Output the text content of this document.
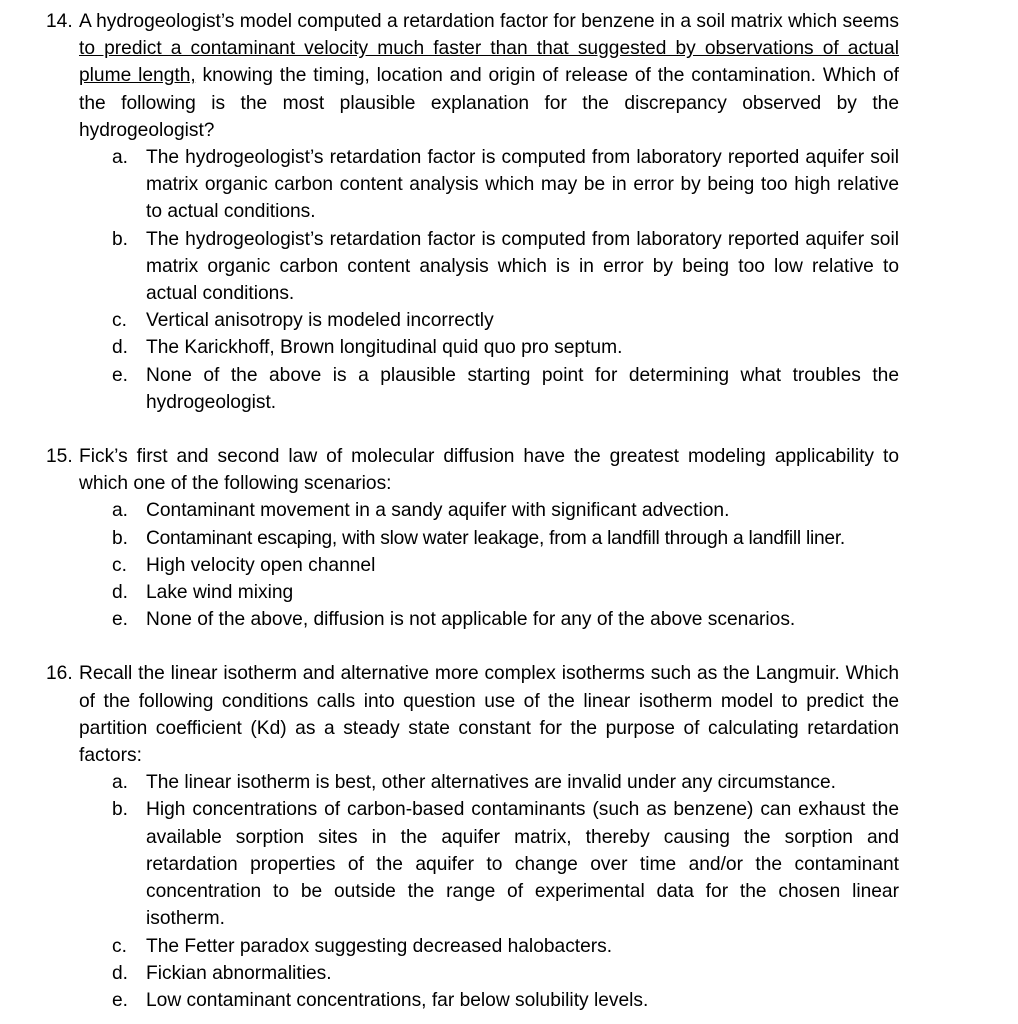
14. A hydrogeologist’s model computed a retardation factor for benzene in a soil matrix which seems to predict a contaminant velocity much faster than that suggested by observations of actual plume length, knowing the timing, location and origin of release of the contamination. Which of the following is the most plausible explanation for the discrepancy observed by the hydrogeologist?
a. The hydrogeologist’s retardation factor is computed from laboratory reported aquifer soil matrix organic carbon content analysis which may be in error by being too high relative to actual conditions.
b. The hydrogeologist’s retardation factor is computed from laboratory reported aquifer soil matrix organic carbon content analysis which is in error by being too low relative to actual conditions.
c. Vertical anisotropy is modeled incorrectly
d. The Karickhoff, Brown longitudinal quid quo pro septum.
e. None of the above is a plausible starting point for determining what troubles the hydrogeologist.
15. Fick’s first and second law of molecular diffusion have the greatest modeling applicability to which one of the following scenarios:
a. Contaminant movement in a sandy aquifer with significant advection.
b. Contaminant escaping, with slow water leakage, from a landfill through a landfill liner.
c. High velocity open channel
d. Lake wind mixing
e. None of the above, diffusion is not applicable for any of the above scenarios.
16. Recall the linear isotherm and alternative more complex isotherms such as the Langmuir. Which of the following conditions calls into question use of the linear isotherm model to predict the partition coefficient (Kd) as a steady state constant for the purpose of calculating retardation factors:
a. The linear isotherm is best, other alternatives are invalid under any circumstance.
b. High concentrations of carbon-based contaminants (such as benzene) can exhaust the available sorption sites in the aquifer matrix, thereby causing the sorption and retardation properties of the aquifer to change over time and/or the contaminant concentration to be outside the range of experimental data for the chosen linear isotherm.
c. The Fetter paradox suggesting decreased halobacters.
d. Fickian abnormalities.
e. Low contaminant concentrations, far below solubility levels.
